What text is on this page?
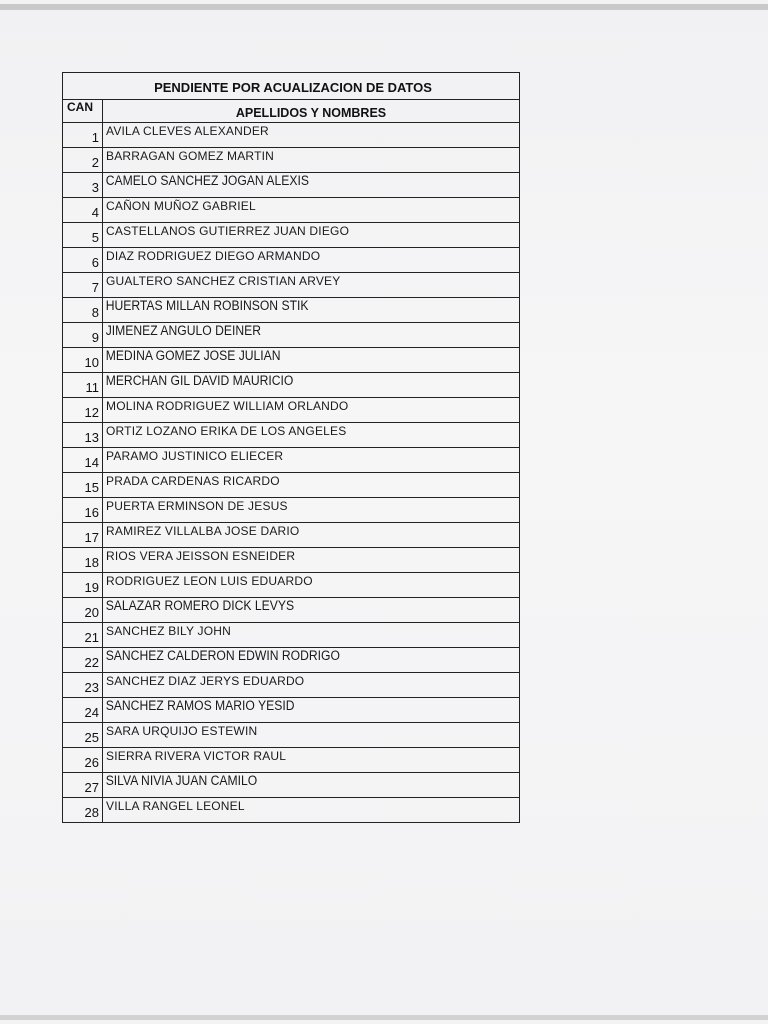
PENDIENTE POR ACUALIZACION DE DATOS
CAN	APELLIDOS Y NOMBRES
1 AVILA CLEVES ALEXANDER
2 BARRAGAN GOMEZ MARTIN
3 CAMELO SANCHEZ JOGAN ALEXIS
4 CAÑON MUÑOZ GABRIEL
5 CASTELLANOS GUTIERREZ JUAN DIEGO
6 DIAZ RODRIGUEZ DIEGO ARMANDO
7 GUALTERO SANCHEZ CRISTIAN ARVEY
8 HUERTAS MILLAN ROBINSON STIK
9 JIMENEZ ANGULO DEINER
10 MEDINA GOMEZ JOSE JULIAN
11 MERCHAN GIL DAVID MAURICIO
12 MOLINA RODRIGUEZ WILLIAM ORLANDO
13 ORTIZ LOZANO ERIKA DE LOS ANGELES
14 PARAMO JUSTINICO ELIECER
15 PRADA CARDENAS RICARDO
16 PUERTA ERMINSON DE JESUS
17 RAMIREZ VILLALBA JOSE DARIO
18 RIOS VERA JEISSON ESNEIDER
19 RODRIGUEZ LEON LUIS EDUARDO
20 SALAZAR ROMERO DICK LEVYS
21 SANCHEZ BILY JOHN
22 SANCHEZ CALDERON EDWIN RODRIGO
23 SANCHEZ DIAZ JERYS EDUARDO
24 SANCHEZ RAMOS MARIO YESID
25 SARA URQUIJO ESTEWIN
26 SIERRA RIVERA VICTOR RAUL
27 SILVA NIVIA JUAN CAMILO
28 VILLA RANGEL LEONEL
